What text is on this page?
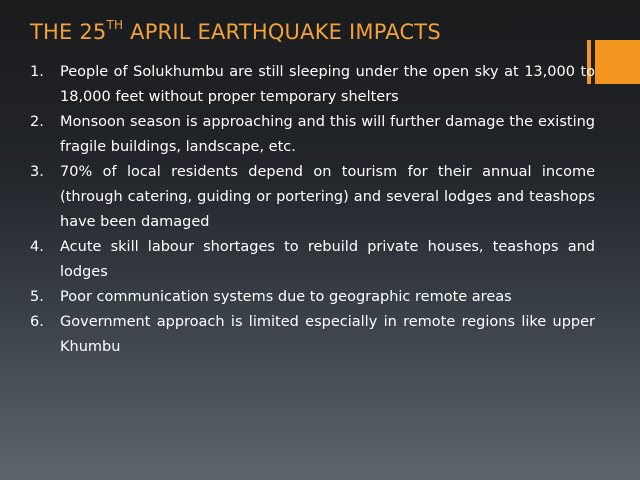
THE 25TH APRIL EARTHQUAKE IMPACTS
1.	People of Solukhumbu are still sleeping under the open sky at 13,000 to 18,000 feet without proper temporary shelters
2.	Monsoon season is approaching and this will further damage the existing fragile buildings, landscape, etc.
3.	70% of local residents depend on tourism for their annual income (through catering, guiding or portering) and several lodges and teashops have been damaged
4.	Acute skill labour shortages to rebuild private houses, teashops and lodges
5.	Poor communication systems due to geographic remote areas
6.	Government approach is limited especially in remote regions like upper Khumbu
